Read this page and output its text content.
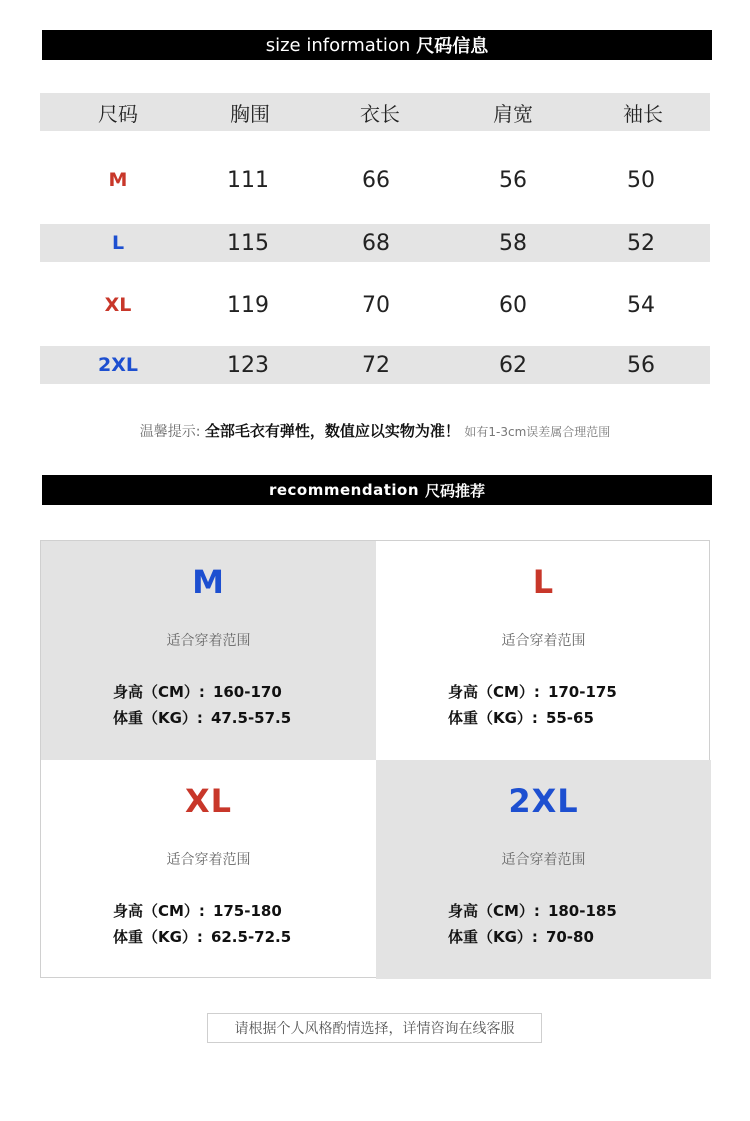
size information 尺码信息
尺码	胸围	衣长	肩宽	袖长
M	111	66	56	50
L	115	68	58	52
XL	119	70	60	54
2XL	123	72	62	56
温馨提示: 全部毛衣有弹性，数值应以实物为准！ 如有1-3cm误差属合理范围
recommendation 尺码推荐
M
适合穿着范围
身高（CM）: 160-170
体重（KG）: 47.5-57.5
L
适合穿着范围
身高（CM）: 170-175
体重（KG）: 55-65
XL
适合穿着范围
身高（CM）: 175-180
体重（KG）: 62.5-72.5
2XL
适合穿着范围
身高（CM）: 180-185
体重（KG）: 70-80
请根据个人风格酌情选择，详情咨询在线客服
